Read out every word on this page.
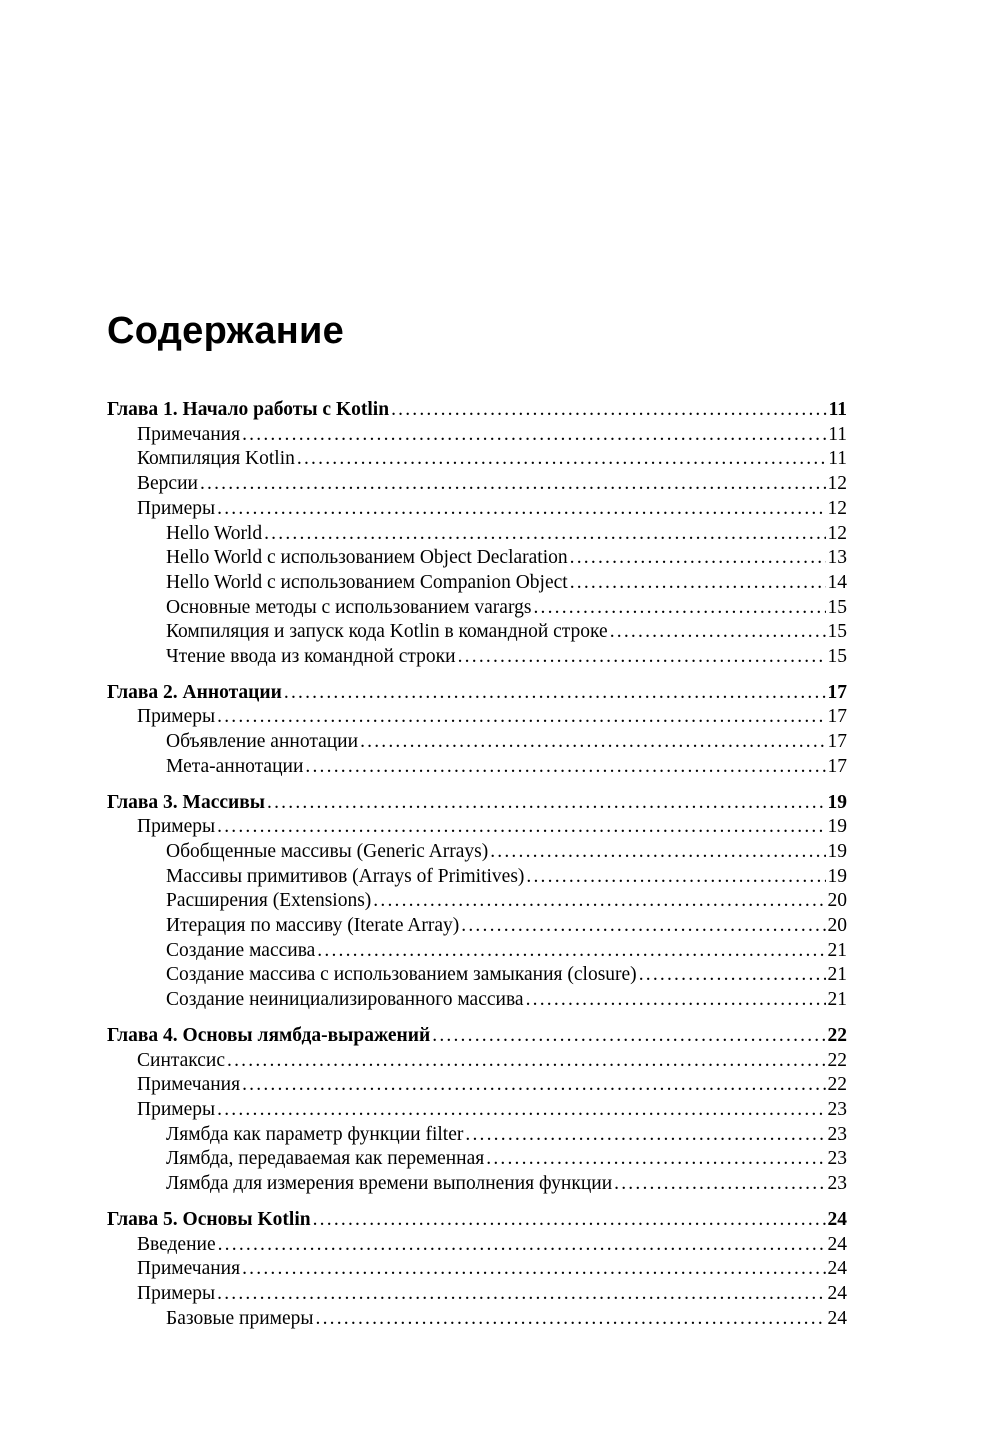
Содержание
Глава 1. Начало работы с Kotlin .....	11
Примечания .....	11
Компиляция Kotlin .....	11
Версии .....	12
Примеры .....	12
Hello World .....	12
Hello World с использованием Object Declaration .....	13
Hello World с использованием Companion Object .....	14
Основные методы с использованием varargs .....	15
Компиляция и запуск кода Kotlin в командной строке .....	15
Чтение ввода из командной строки .....	15
Глава 2. Аннотации .....	17
Примеры .....	17
Объявление аннотации .....	17
Мета-аннотации .....	17
Глава 3. Массивы .....	19
Примеры .....	19
Обобщенные массивы (Generic Arrays) .....	19
Массивы примитивов (Arrays of Primitives) .....	19
Расширения (Extensions) .....	20
Итерация по массиву (Iterate Array) .....	20
Создание массива .....	21
Создание массива с использованием замыкания (closure) .....	21
Создание неинициализированного массива .....	21
Глава 4. Основы лямбда-выражений .....	22
Синтаксис .....	22
Примечания .....	22
Примеры .....	23
Лямбда как параметр функции filter .....	23
Лямбда, передаваемая как переменная .....	23
Лямбда для измерения времени выполнения функции .....	23
Глава 5. Основы Kotlin .....	24
Введение .....	24
Примечания .....	24
Примеры .....	24
Базовые примеры .....	24
